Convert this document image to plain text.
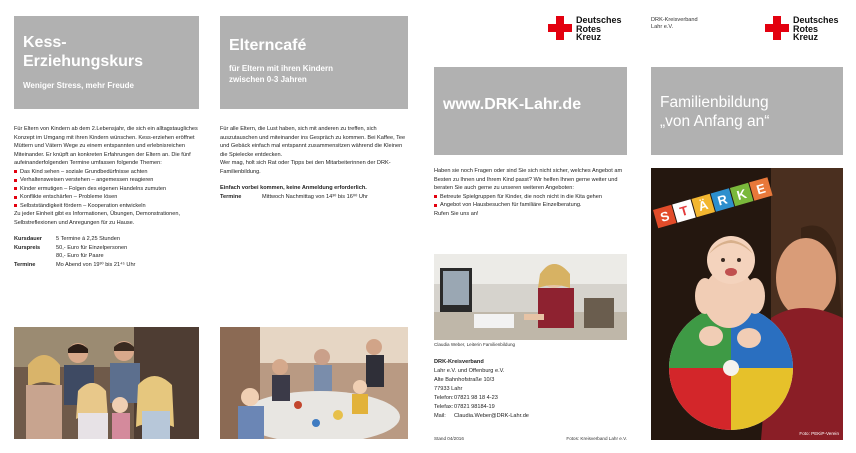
Kess-
Erziehungskurs
Weniger Stress, mehr Freude

Für Eltern von Kindern ab dem 2.Lebensjahr, die sich ein alltagstaugliches Konzept im Umgang mit ihren Kindern wünschen. Kess-erziehen eröffnet Müttern und Vätern Wege zu einem entspannten und erlebnisreichen Miteinander. Er knüpft an konkreten Erfahrungen der Eltern an. Die fünf aufeinanderfolgenden Termine umfassen folgende Themen:

Das Kind sehen – soziale Grundbedürfnisse achten
Verhaltensweisen verstehen – angemessen reagieren
Kinder ermutigen – Folgen des eigenen Handelns zumuten
Konflikte entschärfen – Probleme lösen
Selbstständigkeit fördern – Kooperation entwickeln

Zu jeder Einheit gibt es Informationen, Übungen, Demonstrationen, Selbstreflexionen und Anregungen für zu Hause.

Kursdauer	5 Termine á 2,25 Stunden
Kurspreis	50,- Euro für Einzelpersonen
80,- Euro für Paare
Termine	Mo Abend von 19³⁰ bis 21⁴⁵ Uhr
Elterncafé
für Eltern mit ihren Kindern
zwischen 0-3 Jahren

Für alle Eltern, die Lust haben, sich mit anderen zu treffen, sich auszutauschen und miteinander ins Gespräch zu kommen. Bei Kaffee, Tee und Gebäck einfach mal entspannt zusammensitzen während die Kleinen die Spielecke entdecken.

Wer mag, holt sich Rat oder Tipps bei den Mitarbeiterinnen der DRK-Familienbildung.

Einfach vorbei kommen, keine Anmeldung erforderlich.

Termine	Mittwoch Nachmittag von 14³⁰ bis 16⁰⁰ Uhr
Deutsches
Rotes
Kreuz
www.DRK-Lahr.de

Haben sie noch Fragen oder sind Sie sich nicht sicher, welches Angebot am Besten zu Ihnen und Ihrem Kind passt? Wir helfen Ihnen gerne weiter und beraten Sie auch gerne zu unseren weiteren Angeboten:

Betreute Spielgruppen für Kinder, die noch nicht in die Kita gehen
Angebot von Hausbesuchen für familiäre Einzelberatung.

Rufen Sie uns an!

Claudia Weber, Leiterin Familienbildung
DRK-Kreisverband
Lahr e.V. und Offenburg e.V.
Alte Bahnhofstraße 10/3
77933 Lahr
Telefon: 07821 98 18 4-23
Telefax: 07821 98184-19
Mail:	Claudia.Weber@DRK-Lahr.de
Stand 04/2016	Fotos: Kreisverband Lahr e.V.
DRK-Kreisverband
Lahr e.V.
Deutsches
Rotes
Kreuz
Familienbildung
„von Anfang an“
S T Ä R K E
Foto: PEKiP-Verein
